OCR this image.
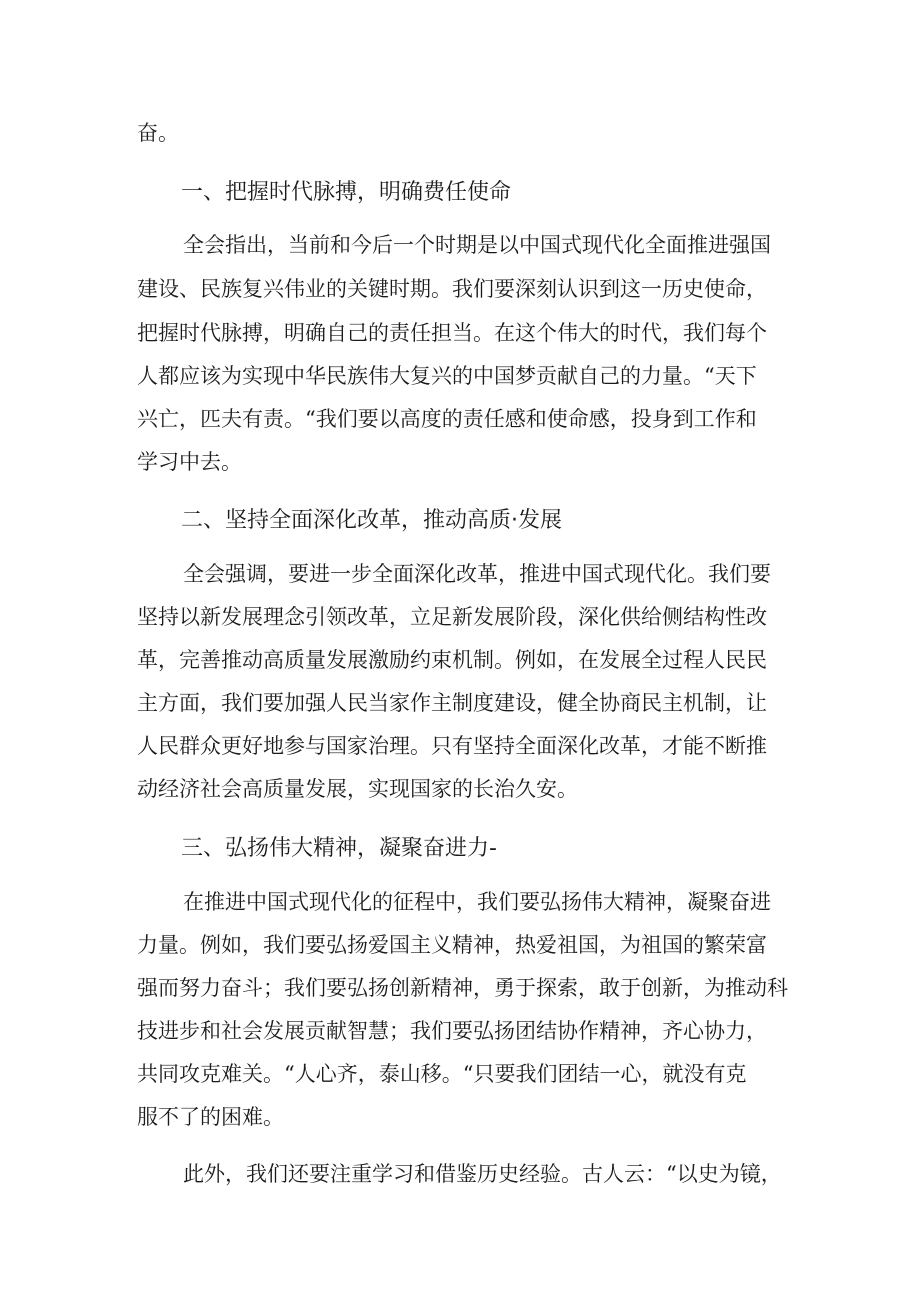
奋。
一、把握时代脉搏，明确费任使命
全会指出，当前和今后一个时期是以中国式现代化全面推进强国
建设、民族复兴伟业的关键时期。我们要深刻认识到这一历史使命，
把握时代脉搏，明确自己的责任担当。在这个伟大的时代，我们每个
人都应该为实现中华民族伟大复兴的中国梦贡献自己的力量。“天下
兴亡，匹夫有责。“我们要以高度的责任感和使命感，投身到工作和
学习中去。
二、坚持全面深化改革，推动高质·发展
全会强调，要进一步全面深化改革，推进中国式现代化。我们要
坚持以新发展理念引领改革，立足新发展阶段，深化供给侧结构性改
革，完善推动高质量发展激励约束机制。例如，在发展全过程人民民
主方面，我们要加强人民当家作主制度建设，健全协商民主机制，让
人民群众更好地参与国家治理。只有坚持全面深化改革，才能不断推
动经济社会高质量发展，实现国家的长治久安。
三、弘扬伟大精神，凝聚奋进力-
在推进中国式现代化的征程中，我们要弘扬伟大精神，凝聚奋进
力量。例如，我们要弘扬爱国主义精神，热爱祖国，为祖国的繁荣富
强而努力奋斗；我们要弘扬创新精神，勇于探索，敢于创新，为推动科
技进步和社会发展贡献智慧；我们要弘扬团结协作精神，齐心协力，
共同攻克难关。“人心齐，泰山移。“只要我们团结一心，就没有克
服不了的困难。
此外，我们还要注重学习和借鉴历史经验。古人云：“以史为镜，
